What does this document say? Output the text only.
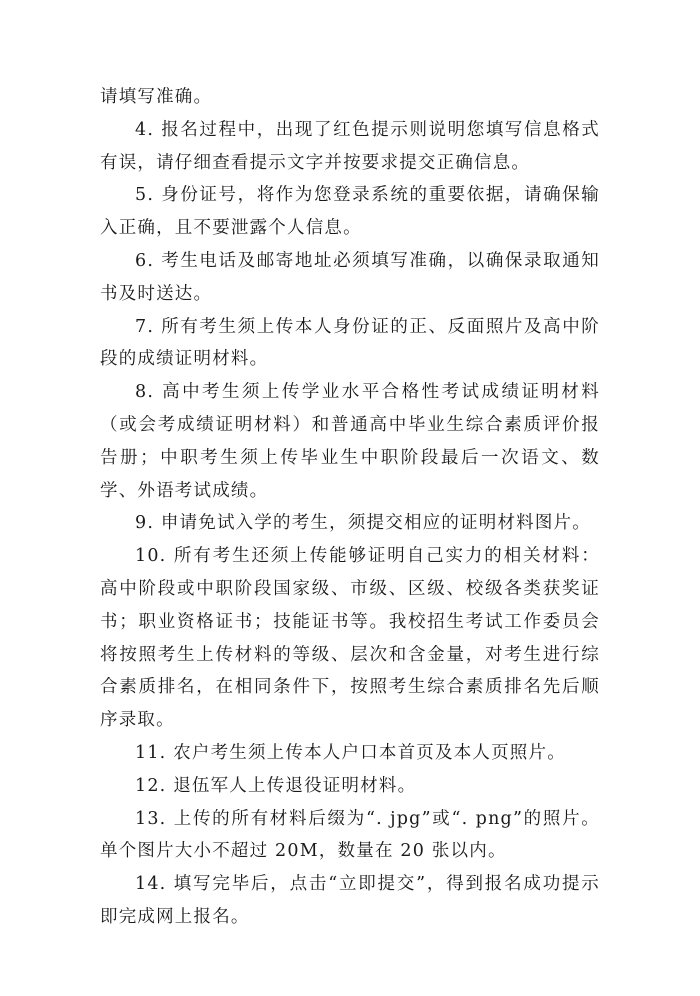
请填写准确。

4. 报名过程中，出现了红色提示则说明您填写信息格式有误，请仔细查看提示文字并按要求提交正确信息。

5. 身份证号，将作为您登录系统的重要依据，请确保输入正确，且不要泄露个人信息。

6. 考生电话及邮寄地址必须填写准确，以确保录取通知书及时送达。

7. 所有考生须上传本人身份证的正、反面照片及高中阶段的成绩证明材料。

8. 高中考生须上传学业水平合格性考试成绩证明材料（或会考成绩证明材料）和普通高中毕业生综合素质评价报告册；中职考生须上传毕业生中职阶段最后一次语文、数学、外语考试成绩。

9. 申请免试入学的考生，须提交相应的证明材料图片。

10. 所有考生还须上传能够证明自己实力的相关材料：高中阶段或中职阶段国家级、市级、区级、校级各类获奖证书；职业资格证书；技能证书等。我校招生考试工作委员会将按照考生上传材料的等级、层次和含金量，对考生进行综合素质排名，在相同条件下，按照考生综合素质排名先后顺序录取。

11. 农户考生须上传本人户口本首页及本人页照片。

12. 退伍军人上传退役证明材料。

13. 上传的所有材料后缀为“. jpg”或“. png”的照片。单个图片大小不超过 20M，数量在 20 张以内。

14. 填写完毕后，点击“立即提交”，得到报名成功提示即完成网上报名。
